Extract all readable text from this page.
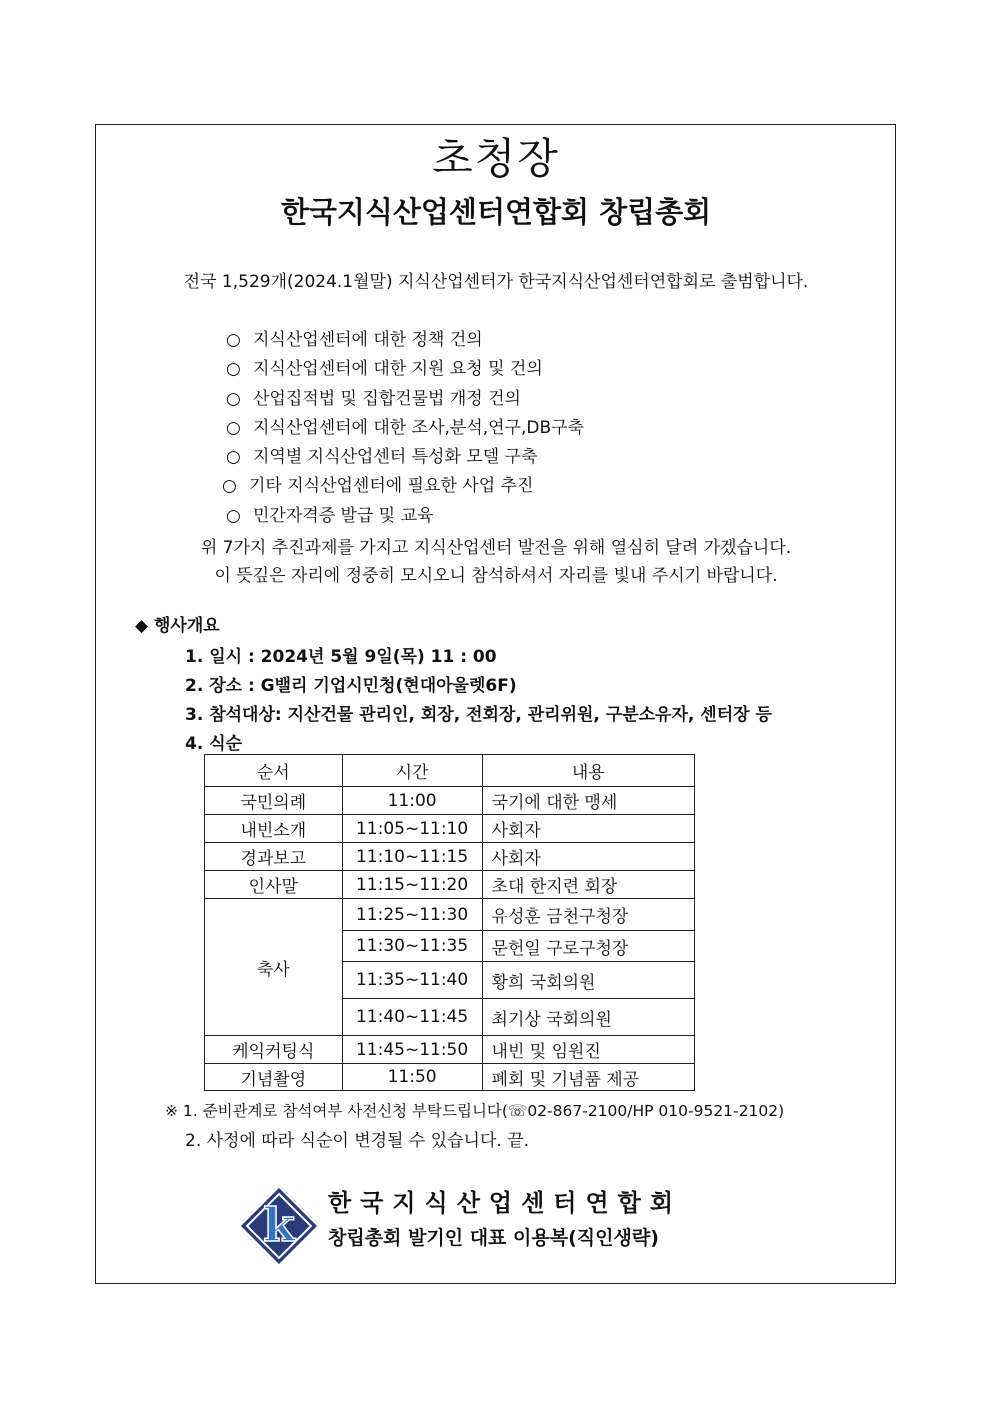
초청장
한국지식산업센터연합회 창립총회
전국 1,529개(2024.1월말) 지식산업센터가 한국지식산업센터연합회로 출범합니다.
○ 지식산업센터에 대한 정책 건의
○ 지식산업센터에 대한 지원 요청 및 건의
○ 산업집적법 및 집합건물법 개정 건의
○ 지식산업센터에 대한 조사,분석,연구,DB구축
○ 지역별 지식산업센터 특성화 모델 구축
○ 기타 지식산업센터에 필요한 사업 추진
○ 민간자격증 발급 및 교육
위 7가지 추진과제를 가지고 지식산업센터 발전을 위해 열심히 달려 가겠습니다.
이 뜻깊은 자리에 정중히 모시오니 참석하셔서 자리를 빛내 주시기 바랍니다.
◆ 행사개요
1. 일시 : 2024년 5월 9일(목) 11 : 00
2. 장소 : G밸리 기업시민청(현대아울렛6F)
3. 참석대상: 지산건물 관리인, 회장, 전회장, 관리위원, 구분소유자, 센터장 등
4. 식순
순서	시간	내용
국민의례	11:00	국기에 대한 맹세
내빈소개	11:05~11:10	사회자
경과보고	11:10~11:15	사회자
인사말	11:15~11:20	초대 한지련 회장
축사	11:25~11:30	유성훈 금천구청장
	11:30~11:35	문헌일 구로구청장
	11:35~11:40	황희 국회의원
	11:40~11:45	최기상 국회의원
케익커팅식	11:45~11:50	내빈 및 임원진
기념촬영	11:50	폐회 및 기념품 제공
※ 1. 준비관계로 참석여부 사전신청 부탁드립니다(☏02-867-2100/HP 010-9521-2102)
2. 사정에 따라 식순이 변경될 수 있습니다. 끝.
k 한국지식산업센터연합회
창립총회 발기인 대표 이용복(직인생략)
